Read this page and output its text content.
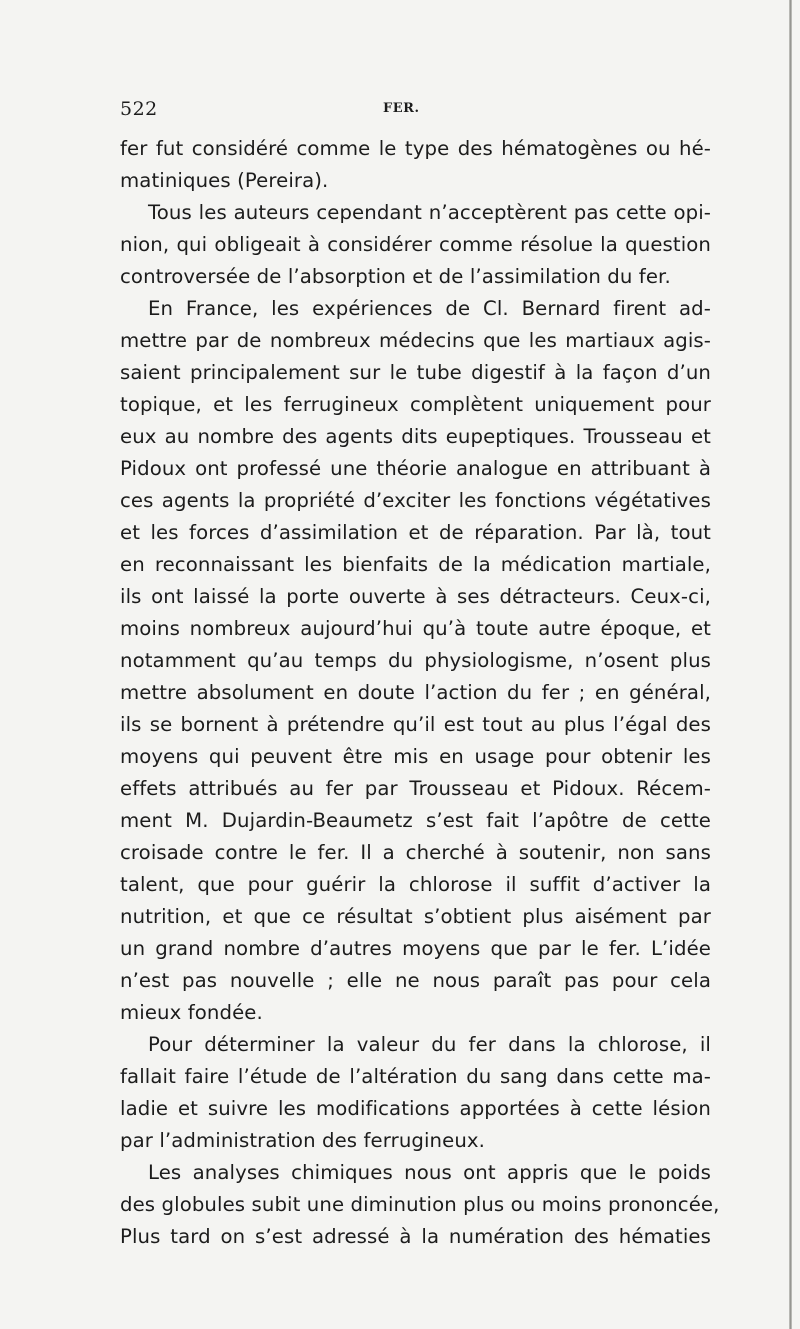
522	FER.
fer fut considéré comme le type des hématogènes ou hé-
matiniques (Pereira).
Tous les auteurs cependant n’acceptèrent pas cette opi-
nion, qui obligeait à considérer comme résolue la question
controversée de l’absorption et de l’assimilation du fer.
En France, les expériences de Cl. Bernard firent ad-
mettre par de nombreux médecins que les martiaux agis-
saient principalement sur le tube digestif à la façon d’un
topique, et les ferrugineux complètent uniquement pour
eux au nombre des agents dits eupeptiques. Trousseau et
Pidoux ont professé une théorie analogue en attribuant à
ces agents la propriété d’exciter les fonctions végétatives
et les forces d’assimilation et de réparation. Par là, tout
en reconnaissant les bienfaits de la médication martiale,
ils ont laissé la porte ouverte à ses détracteurs. Ceux-ci,
moins nombreux aujourd’hui qu’à toute autre époque, et
notamment qu’au temps du physiologisme, n’osent plus
mettre absolument en doute l’action du fer ; en général,
ils se bornent à prétendre qu’il est tout au plus l’égal des
moyens qui peuvent être mis en usage pour obtenir les
effets attribués au fer par Trousseau et Pidoux. Récem-
ment M. Dujardin-Beaumetz s’est fait l’apôtre de cette
croisade contre le fer. Il a cherché à soutenir, non sans
talent, que pour guérir la chlorose il suffit d’activer la
nutrition, et que ce résultat s’obtient plus aisément par
un grand nombre d’autres moyens que par le fer. L’idée
n’est pas nouvelle ; elle ne nous paraît pas pour cela
mieux fondée.
Pour déterminer la valeur du fer dans la chlorose, il
fallait faire l’étude de l’altération du sang dans cette ma-
ladie et suivre les modifications apportées à cette lésion
par l’administration des ferrugineux.
Les analyses chimiques nous ont appris que le poids
des globules subit une diminution plus ou moins prononcée,
Plus tard on s’est adressé à la numération des hématies
